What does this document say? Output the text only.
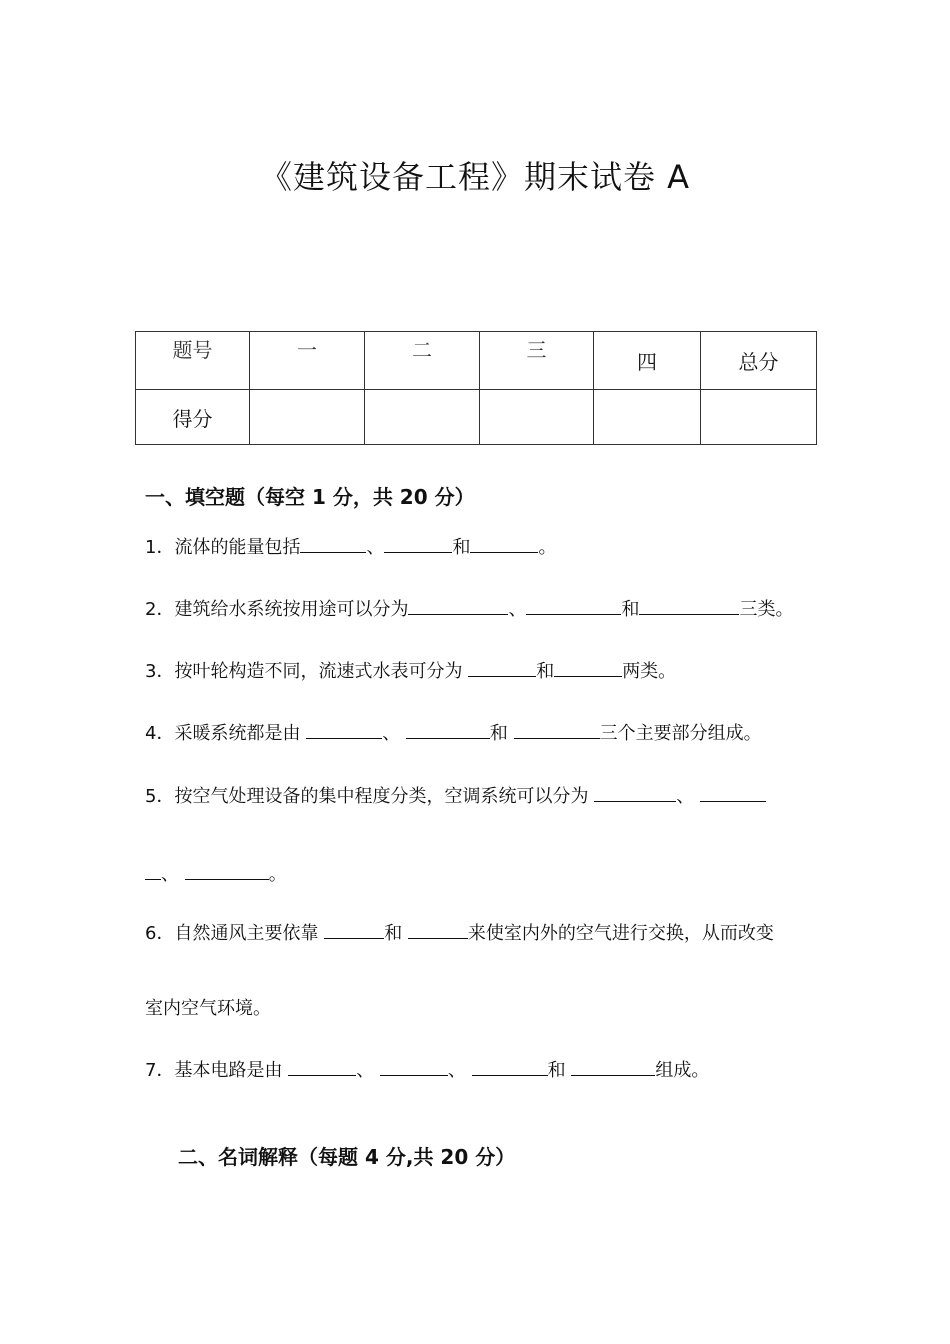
《建筑设备工程》期末试卷 A
题号	一	二	三	四	总分
得分					
一、填空题（每空 1 分，共 20 分）
1．流体的能量包括	、	和	。
2．建筑给水系统按用途可以分为	、	和	三类。
3．按叶轮构造不同，流速式水表可分为	和	两类。
4．采暖系统都是由	、	和	三个主要部分组成。
5．按空气处理设备的集中程度分类，空调系统可以分为	、
、	。
6．自然通风主要依靠	和	来使室内外的空气进行交换，从而改变
室内空气环境。
7．基本电路是由	、	、	和	组成。
二、名词解释（每题 4 分,共 20 分）
